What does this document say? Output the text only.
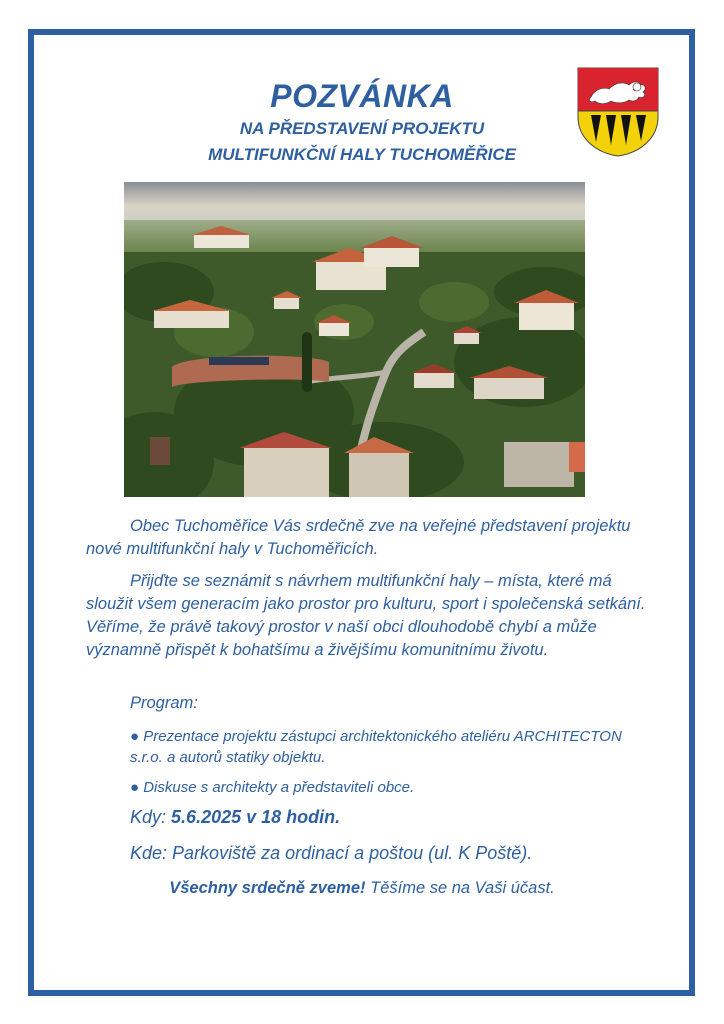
POZVÁNKA
NA PŘEDSTAVENÍ PROJEKTU
MULTIFUNKČNÍ HALY TUCHOMĚŘICE

Obec Tuchoměřice Vás srdečně zve na veřejné představení projektu nové multifunkční haly v Tuchoměřicích.

Přijďte se seznámit s návrhem multifunkční haly – místa, které má sloužit všem generacím jako prostor pro kulturu, sport i společenská setkání. Věříme, že právě takový prostor v naší obci dlouhodobě chybí a může významně přispět k bohatšímu a živějšímu komunitnímu životu.

Program:
● Prezentace projektu zástupci architektonického ateliéru ARCHITECTON s.r.o. a autorů statiky objektu.
● Diskuse s architekty a představiteli obce.
Kdy: 5.6.2025 v 18 hodin.
Kde: Parkoviště za ordinací a poštou (ul. K Poště).
Všechny srdečně zveme! Těšíme se na Vaši účast.
